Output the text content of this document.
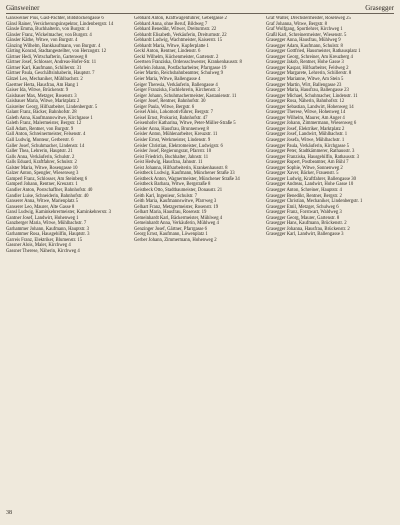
Gänsweiner	Grasegger
Gänsweiner Pius, Gast-Pächter, Bildstöckengasse 6
Gänsl Rainer, Versicherungsinspektor, Lindenbergstr. 14
Gänsle Emma, Buchhalterin, von Burgstr. 4
Gänsler Franz, Wickelmacher, von Burgstr. 4
Gänsler Käthe, Witwe, von Burgstr. 4
Gänzing Wilhelm, Bankkaufmann, von Burgstr. 4
Gärting Konrad, Stadtangestellter, von Herzogstr. 12
Gärtner Hedi, Wirtschafterin, Gartenweg 8
Gärtner Josef, Schlosser, Andreas-Hofer-Str. 11
Gärtner Karl, Kaufmann, Schillerstr. 31
Gärtner Paula, Geschäftsinhaberin, Hauptstr. 7
Gätzel Leo, Mechaniker, Mühlbachstr. 2
Gaertner Herta, Hausfrau, Am Hang 1
Gaiser Ida, Witwe, Brückenstr. 9
Gaisbauer Max, Metzger, Rosenstr. 3
Gaisbauer Maria, Witwe, Marktplatz 2
Gaisreiter Georg, Hilfsarbeiter, Lindenbergstr. 5
Galant Franz, Bäcker, Bahnhofstr. 28
Galeth Anna, Kaufmannswitwe, Kirchgasse 1
Galeth Franz, Malermeister, Bergstr. 12
Gall Adam, Rentner, von Burgstr. 9
Gall Anton, Schreinermeister, Felsenstr. 4
Gall Ludwig, Monteur, Gerberstr. 6
Galler Josef, Schuhmacher, Lindenstr. 14
Galler Thea, Lehrerin, Hauptstr. 21
Galls Anna, Verkäuferin, Schulstr. 2
Galls Eduard, Kraftfahrer, Schulstr. 2
Galster Maria, Witwe, Rosengasse 10
Galzer Anton, Spengler, Wiesenweg 3
Gamperl Franz, Schlosser, Am Steinberg 6
Gamperl Johann, Rentner, Kreuzstr. 1
Gandler Anton, Postschaffner, Bahnhofstr. 40
Gandler Luise, Schneiderin, Bahnhofstr. 40
Ganserer Anna, Witwe, Marienplatz 5
Ganserer Leo, Maurer, Alte Gasse 8
Gansl Ludwig, Kaminkehrermeister, Kaminkehrerstr. 3
Gantner Josef, Landwirt, Hohenweg 1
Ganzberger Maria, Witwe, Mühlbachstr. 7
Garhammer Johann, Kaufmann, Hauptstr. 3
Garhammer Rosa, Hausgehilfin, Hauptstr. 3
Garreis Franz, Elektriker, Blumenstr. 15
Gassner Alois, Maler, Kirchweg 4
Gassner Therese, Näherin, Kirchweg 4
Gebhard Anton, Kraftwagenführer, Gebelgasse 2
Gebhard Anna, ohne Beruf, Bildweg 7
Gebhard Benedikt, Witwer, Dreiturmstr. 22
Gebhardt Elisabeth, Verkäuferin, Dreiturmstr. 22
Gebhardt Ludwig, Wachtmeister, Kaiserstr. 15
Gebhardt Maria, Witwe, Kupferplatte 1
Geckl Anton, Rentner, Lindenstr. 6
Geckl Wilhelm, Küchenmeister, Gartenstr. 2
Geertsen Franziska, Ordensschwester, Krankenhausstr. 8
Gehrlein Johann, Postfacharbeiter, Pfarrgasse 19
Geier Martin, Reichsbahnbeamter, Schulweg 9
Geier Maria, Witwe, Ballengasse 4
Geiger Theresia, Verkäuferin, Ballengasse 4
Geiger Franziska, Fachlehrerin, Kirchenstr. 3
Geiger Johann, Schuhmachermeister, Kastanienstr. 11
Geiger Josef, Rentner, Bahnhofstr. 30
Geiger Paula, Witwe, Bergstr. 6
Geisel Alois, Lokomotivführer, Bergstr. 7
Geisel Ernst, Prokurist, Bahnhofstr. 47
Geisenhofer Katharina, Witwe, Peter-Müller-Straße 5
Geisler Anna, Hausfrau, Brunnenweg 8
Geisler Anton, Mühlenarbeiter, Kreuzstr. 11
Geisler Ernst, Werkmeister, Lindenstr. 9
Geisler Christian, Elektromeister, Ludwigstr. 6
Geisler Josef, Regierungsrat, Pfarrstr. 10
Geist Friedrich, Buchhalter, Jahnstr. 11
Geist Hedwig, Hausfrau, Jahnstr. 11
Geist Johanna, Hilfsarbeiterin, Krankenhausstr. 8
Geistbeck Ludwig, Kaufmann, Münchener Straße 33
Geistbeck Anton, Wagnermeister, Münchener Straße 34
Geistbeck Barbara, Witwe, Bergstraße 8
Geistbeck Otto, Stadtbaumeister, Donaustr. 21
Geith Karl, Ingenieur, Schulstr. 7
Geith Maria, Kaufmannswitwe, Pfarrweg 3
Gelhart Franz, Metzgermeister, Rosenstr. 19
Gelhart Maria, Hausfrau, Rosenstr. 19
Gemeinhardt Karl, Bäckermeister, Mühlweg 4
Gemeinhardt Anna, Verkäuferin, Mühlweg 4
Genzinger Josef, Gärtner, Pfarrgasse 6
Georg Ernst, Kaufmann, Löwenplatz 1
Gerber Johann, Zimmermann, Hohenweg 2
Graf Walter, Drechslermeister, Rosenweg 25
Graf Johanna, Witwe, Bergstr. 8
Graf Wolfgang, Sportlehrer, Kirchweg 1
Graßl Karl, Schreinermeister, Wiesenstr. 5
Grasegger Anna, Hausfrau, Mühlweg 9
Grasegger Adam, Kaufmann, Schulstr. 8
Grasegger Gottfried, Hausmeister, Rathausplatz 1
Grasegger Georg, Schreiner, Am Kreuzberg 4
Grasegger Jakob, Rentner, Hohe Gasse 3
Grasegger Kaspar, Hilfsarbeiter, Feldweg 2
Grasegger Margarete, Lehrerin, Schillerstr. 8
Grasegger Marianne, Witwe, Am Stein 5
Grasegger Martin, Wirt, Ballengasse 23
Grasegger Maria, Hausfrau, Ballengasse 23
Grasegger Michael, Schuhmacher, Lindenstr. 11
Grasegger Rosa, Näherin, Bahnhofstr. 12
Grasegger Sebastian, Landwirt, Hohenweg 14
Grasegger Therese, Witwe, Hohenweg 14
Grasegger Wilhelm, Maurer, Am Anger 4
Grasegger Johann, Zimmermann, Wiesenweg 6
Grasegger Josef, Elektriker, Marktplatz 2
Grasegger Josef, Landwirt, Mühlbachstr. 1
Grasegger Josefa, Witwe, Mühlbachstr. 1
Grasegger Paula, Verkäuferin, Kirchgasse 5
Grasegger Peter, Stadtkämmerer, Rathausstr. 3
Grasegger Franziska, Hausgehilfin, Rathausstr. 3
Grasegger Rupert, Postbeamter, Am Bühl 7
Grasegger Sophie, Witwe, Sonnenweg 2
Grasegger Xaver, Bäcker, Frauenstr. 5
Grasegger Ludwig, Kraftfahrer, Ballengasse 30
Grasegger Andreas, Landwirt, Hohe Gasse 10
Grasegger Anton, Schreiner, Hauptstr. 4
Grasegger Benedikt, Rentner, Bergstr. 2
Grasegger Christian, Mechaniker, Lindenbergstr. 1
Grasegger Emil, Metzger, Schulweg 6
Grasegger Franz, Forstwart, Waldweg 3
Grasegger Georg, Maurer, Gartenstr. 8
Grasegger Hans, Kaufmann, Brückenstr. 2
Grasegger Johanna, Hausfrau, Brückenstr. 2
Grasegger Karl, Landwirt, Ballengasse 3
38
